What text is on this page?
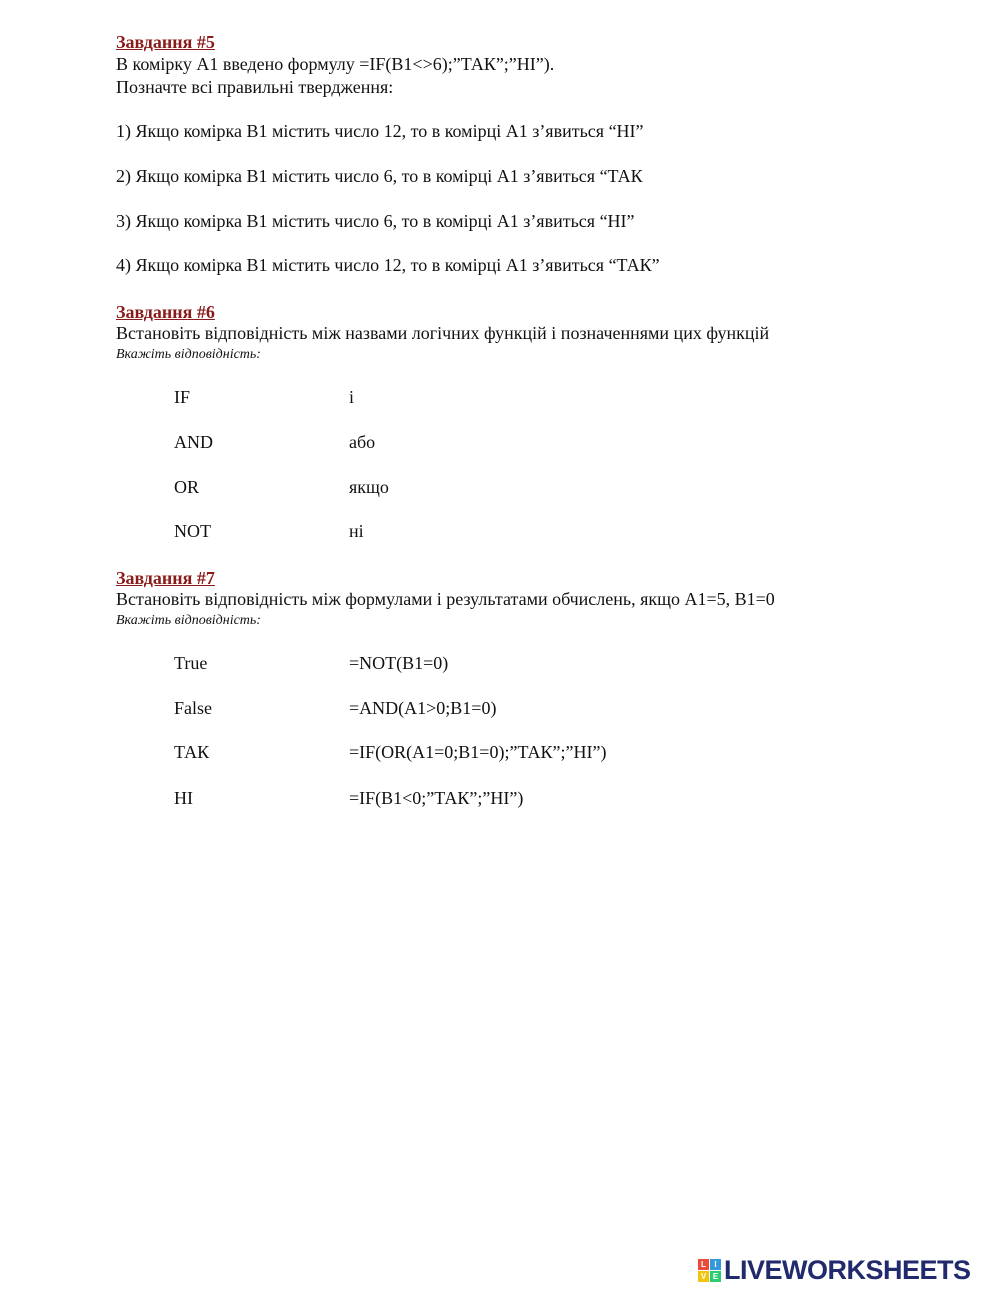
Завдання #5
В комірку А1 введено формулу =IF(B1<>6);”ТАК”;”НІ”).
Позначте всі правильні твердження:
1) Якщо комірка В1 містить число 12, то в комірці А1 з’явиться “НІ”
2) Якщо комірка В1 містить число 6, то в комірці А1 з’явиться “ТАК
3) Якщо комірка В1 містить число 6, то в комірці А1 з’явиться “НІ”
4) Якщо комірка В1 містить число 12, то в комірці А1 з’явиться “ТАК”
Завдання #6
Встановіть відповідність між назвами логічних функцій і позначеннями цих функцій
Вкажіть відповідність:
IF	і
AND	або
OR	якщо
NOT	ні
Завдання #7
Встановіть відповідність між формулами і результатами обчислень, якщо А1=5, В1=0
Вкажіть відповідність:
True	=NOT(B1=0)
False	=AND(A1>0;B1=0)
ТАК	=IF(OR(A1=0;B1=0);”ТАК”;”НІ”)
НІ	=IF(B1<0;”ТАК”;”НІ”)
L	I
V E LIVEWORKSHEETS
